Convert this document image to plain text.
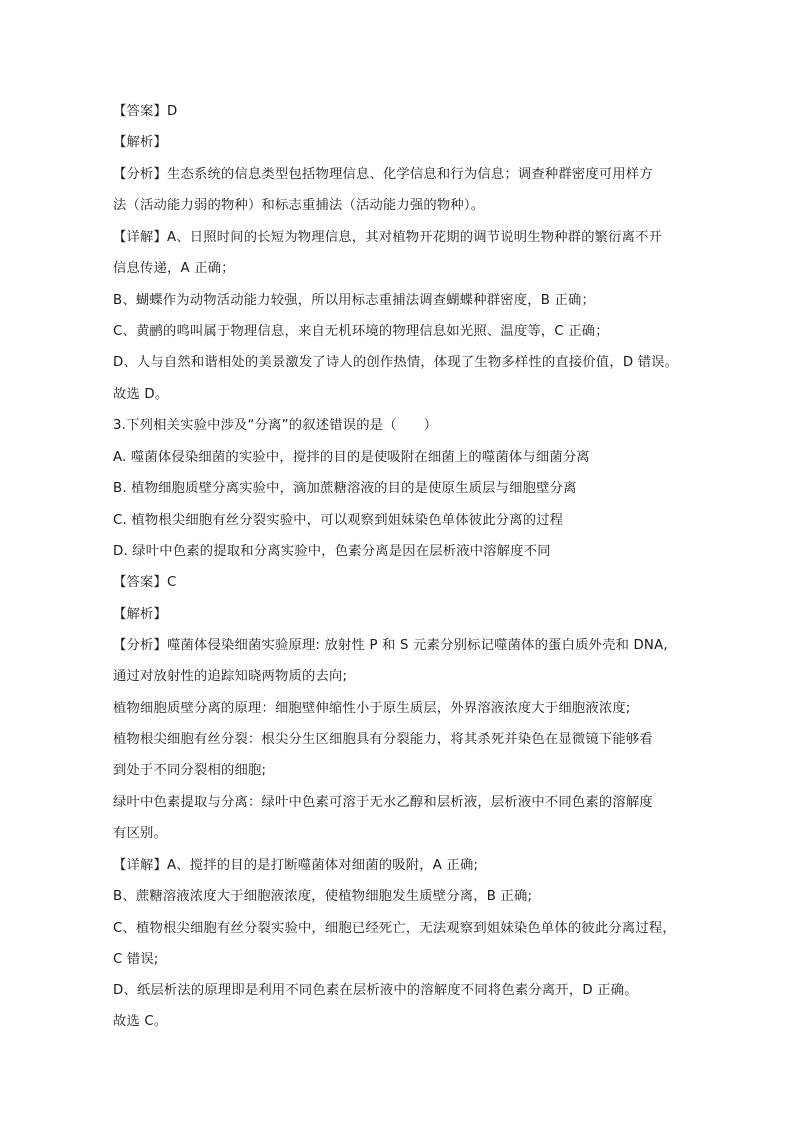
【答案】D
【解析】
【分析】生态系统的信息类型包括物理信息、化学信息和行为信息；调查种群密度可用样方
法（活动能力弱的物种）和标志重捕法（活动能力强的物种）。
【详解】A、日照时间的长短为物理信息，其对植物开花期的调节说明生物种群的繁衍离不开
信息传递，A 正确；
B、蝴蝶作为动物活动能力较强，所以用标志重捕法调查蝴蝶种群密度，B 正确；
C、黄鹂的鸣叫属于物理信息，来自无机环境的物理信息如光照、温度等，C 正确；
D、人与自然和谐相处的美景激发了诗人的创作热情，体现了生物多样性的直接价值，D 错误。
故选 D。
3.下列相关实验中涉及“分离”的叙述错误的是（　　）
A. 噬菌体侵染细菌的实验中，搅拌的目的是使吸附在细菌上的噬菌体与细菌分离
B. 植物细胞质壁分离实验中，滴加蔗糖溶液的目的是使原生质层与细胞壁分离
C. 植物根尖细胞有丝分裂实验中，可以观察到姐妹染色单体彼此分离的过程
D. 绿叶中色素的提取和分离实验中，色素分离是因在层析液中溶解度不同
【答案】C
【解析】
【分析】噬菌体侵染细菌实验原理: 放射性 P 和 S 元素分别标记噬菌体的蛋白质外壳和 DNA,
通过对放射性的追踪知晓两物质的去向;
植物细胞质壁分离的原理：细胞壁伸缩性小于原生质层，外界溶液浓度大于细胞液浓度;
植物根尖细胞有丝分裂：根尖分生区细胞具有分裂能力，将其杀死并染色在显微镜下能够看
到处于不同分裂相的细胞;
绿叶中色素提取与分离：绿叶中色素可溶于无水乙醇和层析液，层析液中不同色素的溶解度
有区别。
【详解】A、搅拌的目的是打断噬菌体对细菌的吸附，A 正确;
B、蔗糖溶液浓度大于细胞液浓度，使植物细胞发生质壁分离，B 正确;
C、植物根尖细胞有丝分裂实验中，细胞已经死亡，无法观察到姐妹染色单体的彼此分离过程，
C 错误;
D、纸层析法的原理即是利用不同色素在层析液中的溶解度不同将色素分离开，D 正确。
故选 C。
